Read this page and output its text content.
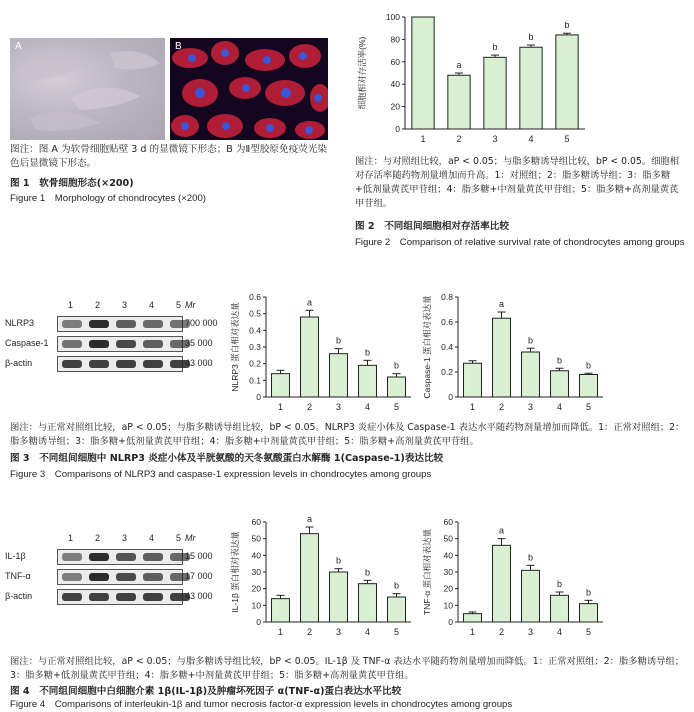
A	B
图注：图 A 为软骨细胞贴壁 3 d 的显微镜下形态；B 为Ⅱ型胶原免疫荧光染色后显微镜下形态。
图 1　软骨细胞形态(×200)
Figure 1　Morphology of chondrocytes (×200)
细胞相对存活率(%)
0
20
40
60
80
100
1
a
2
b
3
b
4
b
5
图注：与对照组比较，aP < 0.05；与脂多糖诱导组比较，bP < 0.05。细胞相对存活率随药物剂量增加而升高。1：对照组；2：脂多糖诱导组；3：脂多糖+低剂量黄芪甲苷组；4：脂多糖+中剂量黄芪甲苷组；5：脂多糖+高剂量黄芪甲苷组。
图 2　不同组间细胞相对存活率比较
Figure 2　Comparison of relative survival rate of chondrocytes among groups
1 2 3 4 5 Mr
NLRP3	700 000
Caspase-1	35 000
β-actin	43 000 NLRP3 蛋白相对表达量
0
0.1
0.2
0.3
0.4
0.5
0.6
1
a
2
b
3
b
4
b
5
Caspase-1 蛋白相对表达量 0
0.2
0.4
0.6
0.8
1
a
2
b
3
b
4
b
5
图注：与正常对照组比较，aP < 0.05；与脂多糖诱导组比较，bP < 0.05。NLRP3 炎症小体及 Caspase-1 表达水平随药物剂量增加而降低。1：正常对照组；2：脂多糖诱导组；3：脂多糖+低剂量黄芪甲苷组；4：脂多糖+中剂量黄芪甲苷组；5：脂多糖+高剂量黄芪甲苷组。
图 3　不同组间细胞中 NLRP3 炎症小体及半胱氨酸的天冬氨酸蛋白水解酶 1(Caspase-1)表达比较
Figure 3　Comparisons of NLRP3 and caspase-1 expression levels in chondrocytes among groups
1 2 3 4 5 Mr
IL-1β	15 000
TNF-α	17 000
β-actin	43 000 IL-1β 蛋白相对表达量
0
10
20
30
40
50
60
1
a
2
b
3
b
4
b
5
TNF-α 蛋白相对表达量
0
10
20
30
40
50
60
1
a
2
b
3
b
4
b
5
图注：与正常对照组比较，aP < 0.05；与脂多糖诱导组比较，bP < 0.05。IL-1β 及 TNF-α 表达水平随药物剂量增加而降低。1：正常对照组；2：脂多糖诱导组；3：脂多糖+低剂量黄芪甲苷组；4：脂多糖+中剂量黄芪甲苷组；5：脂多糖+高剂量黄芪甲苷组。
图 4　不同组间细胞中白细胞介素 1β(IL-1β)及肿瘤坏死因子 α(TNF-α)蛋白表达水平比较
Figure 4　Comparisons of interleukin-1β and tumor necrosis factor-α expression levels in chondrocytes among groups
